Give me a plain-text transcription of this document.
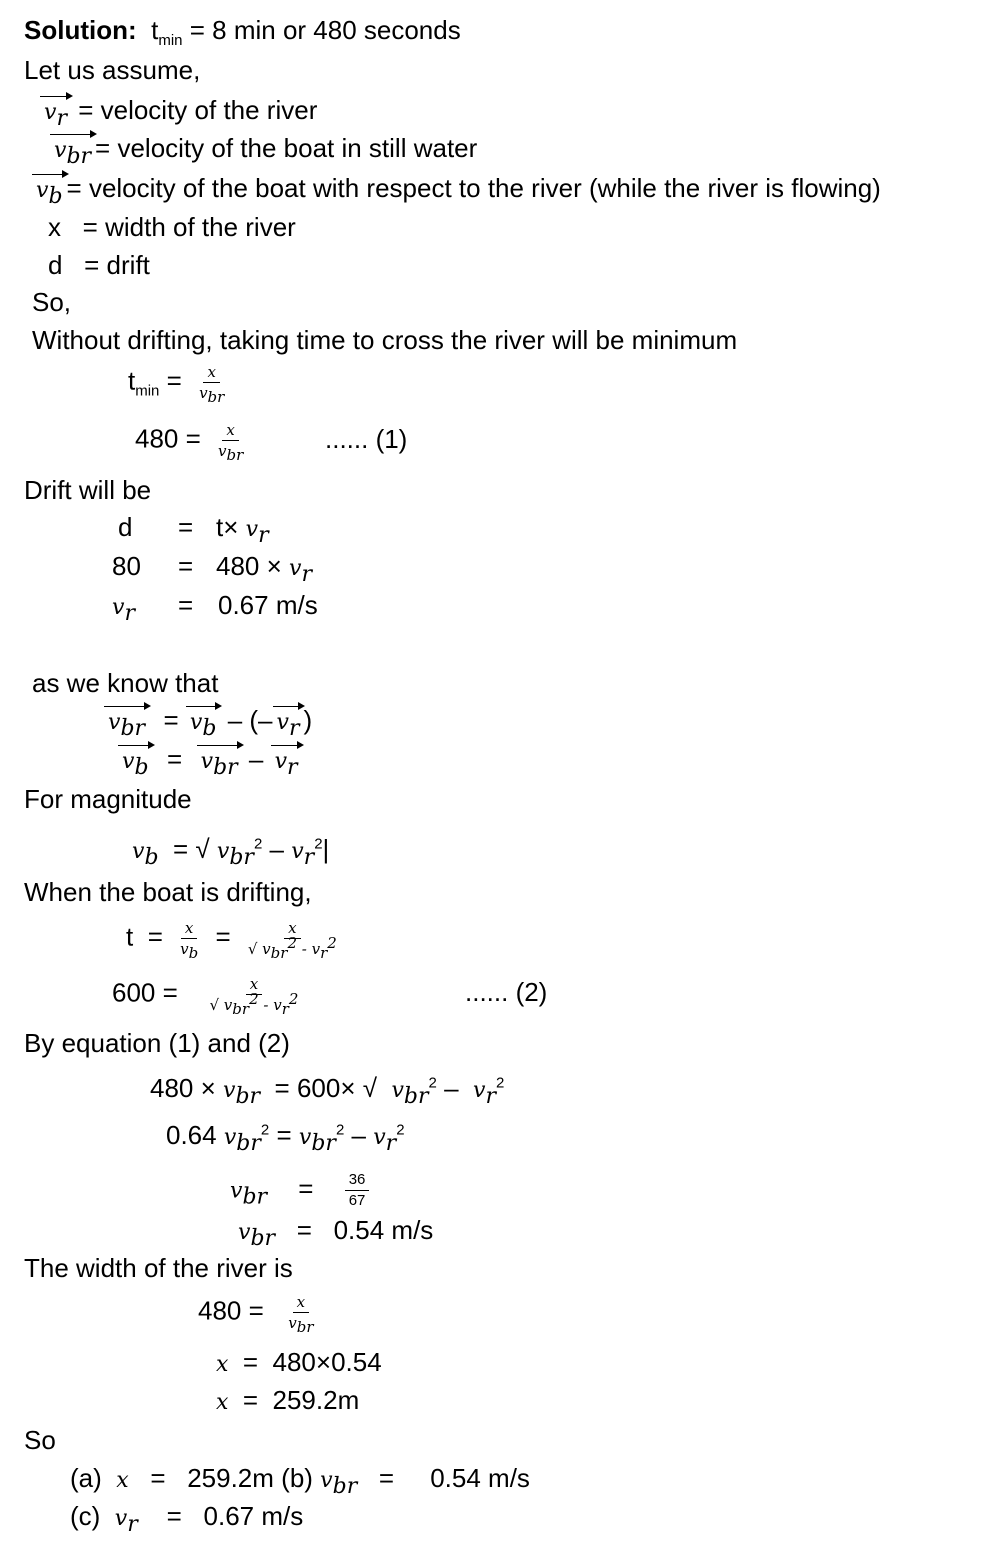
Solution: $t_{min} = 8$ min or 480 seconds
Let us assume,
$v_r$ = velocity of the river
$v_{br}$ = velocity of the boat in still water
$v_b$ = velocity of the boat with respect to the river (while the river is flowing)
x = width of the river
d = drift
So,
Without drifting, taking time to cross the river will be minimum
$t_{min} = \frac{x}{v_{br}}$
$480 = \frac{x}{v_{br}}$	...... (1)
Drift will be
$d = t\times v_r$
$80 = 480 \times v_r$
$v_r = 0.67$ m/s
as we know that
$v_{br} = v_b$ – (– $v_r$ )
$v_b = v_{br} - v_r$
For magnitude
$v_b$ = √ $v_{br}^2 - v_r^2|$
When the boat is drifting,
$t = \frac{x}{v_b} = \frac{x}{√ v_{br}^2 - v_r^2}$
$600 = \frac{x}{√ v_{br}^2 - v_r^2}$	...... (2)
By equation (1) and (2)
$480 \times v_{br} = 600\times$ √ $v_{br}^2 - v_r^2$
0.64 $v_{br}^2 = v_{br}^2 - v_r^2$
$v_{br} = \frac{36}{67}$
$v_{br} = 0.54$ m/s
The width of the river is
$480 = \frac{x}{v_{br}}$
x = 480×0.54
x = 259.2m
So
(a) x = 259.2m (b) $v_{br} = 0.54$ m/s
(c) $v_r = 0.67$ m/s
